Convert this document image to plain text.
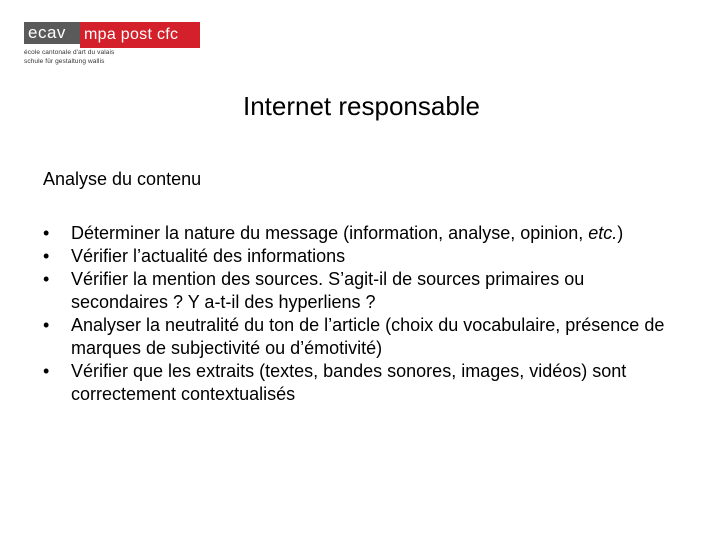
ecav	mpa post cfc
école cantonale d'art du valais
schule für gestaltung wallis
Internet responsable
Analyse du contenu
•	Déterminer la nature du message (information, analyse, opinion, etc.)
•	Vérifier l’actualité des informations
•	Vérifier la mention des sources. S’agit-il de sources primaires ou secondaires ? Y a-t-il des hyperliens ?
•	Analyser la neutralité du ton de l’article (choix du vocabulaire, présence de marques de subjectivité ou d’émotivité)
•	Vérifier que les extraits (textes, bandes sonores, images, vidéos) sont correctement contextualisés
